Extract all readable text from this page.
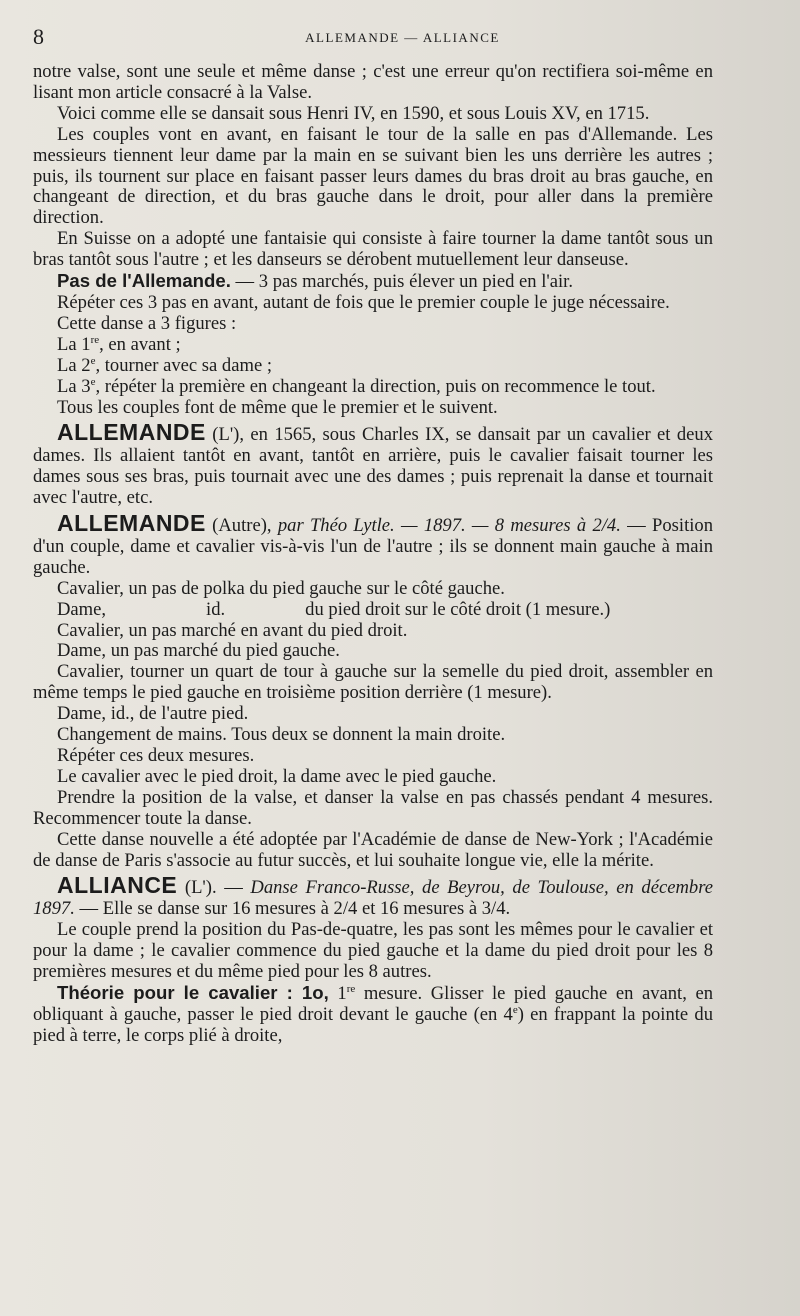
8	ALLEMANDE — ALLIANCE

notre valse, sont une seule et même danse ; c'est une erreur qu'on rectifiera soi-même en lisant mon article consacré à la Valse.

Voici comme elle se dansait sous Henri IV, en 1590, et sous Louis XV, en 1715.

Les couples vont en avant, en faisant le tour de la salle en pas d'Allemande. Les messieurs tiennent leur dame par la main en se suivant bien les uns derrière les autres ; puis, ils tournent sur place en faisant passer leurs dames du bras droit au bras gauche, en changeant de direction, et du bras gauche dans le droit, pour aller dans la première direction.

En Suisse on a adopté une fantaisie qui consiste à faire tourner la dame tantôt sous un bras tantôt sous l'autre ; et les danseurs se dérobent mutuellement leur danseuse.

Pas de l'Allemande. — 3 pas marchés, puis élever un pied en l'air.

Répéter ces 3 pas en avant, autant de fois que le premier couple le juge nécessaire.

Cette danse a 3 figures :

La 1re, en avant ;

La 2e, tourner avec sa dame ;

La 3e, répéter la première en changeant la direction, puis on recommence le tout.

Tous les couples font de même que le premier et le suivent.

ALLEMANDE (L'), en 1565, sous Charles IX, se dansait par un cavalier et deux dames. Ils allaient tantôt en avant, tantôt en arrière, puis le cavalier faisait tourner les dames sous ses bras, puis tournait avec une des dames ; puis reprenait la danse et tournait avec l'autre, etc.

ALLEMANDE (Autre), par Théo Lytle. — 1897. — 8 mesures à 2/4. — Position d'un couple, dame et cavalier vis-à-vis l'un de l'autre ; ils se donnent main gauche à main gauche.

Cavalier, un pas de polka du pied gauche sur le côté gauche.

Dame,	id.	du pied droit sur le côté droit (1 mesure.)

Cavalier, un pas marché en avant du pied droit.

Dame, un pas marché du pied gauche.

Cavalier, tourner un quart de tour à gauche sur la semelle du pied droit, assembler en même temps le pied gauche en troisième position derrière (1 mesure).

Dame, id., de l'autre pied.

Changement de mains. Tous deux se donnent la main droite.

Répéter ces deux mesures.

Le cavalier avec le pied droit, la dame avec le pied gauche.

Prendre la position de la valse, et danser la valse en pas chassés pendant 4 mesures. Recommencer toute la danse.

Cette danse nouvelle a été adoptée par l'Académie de danse de New-York ; l'Académie de danse de Paris s'associe au futur succès, et lui souhaite longue vie, elle la mérite.

ALLIANCE (L'). — Danse Franco-Russe, de Beyrou, de Toulouse, en décembre 1897. — Elle se danse sur 16 mesures à 2/4 et 16 mesures à 3/4.

Le couple prend la position du Pas-de-quatre, les pas sont les mêmes pour le cavalier et pour la dame ; le cavalier commence du pied gauche et la dame du pied droit pour les 8 premières mesures et du même pied pour les 8 autres.

Théorie pour le cavalier : 1o, 1re mesure. Glisser le pied gauche en avant, en obliquant à gauche, passer le pied droit devant le gauche (en 4e) en frappant la pointe du pied à terre, le corps plié à droite,
